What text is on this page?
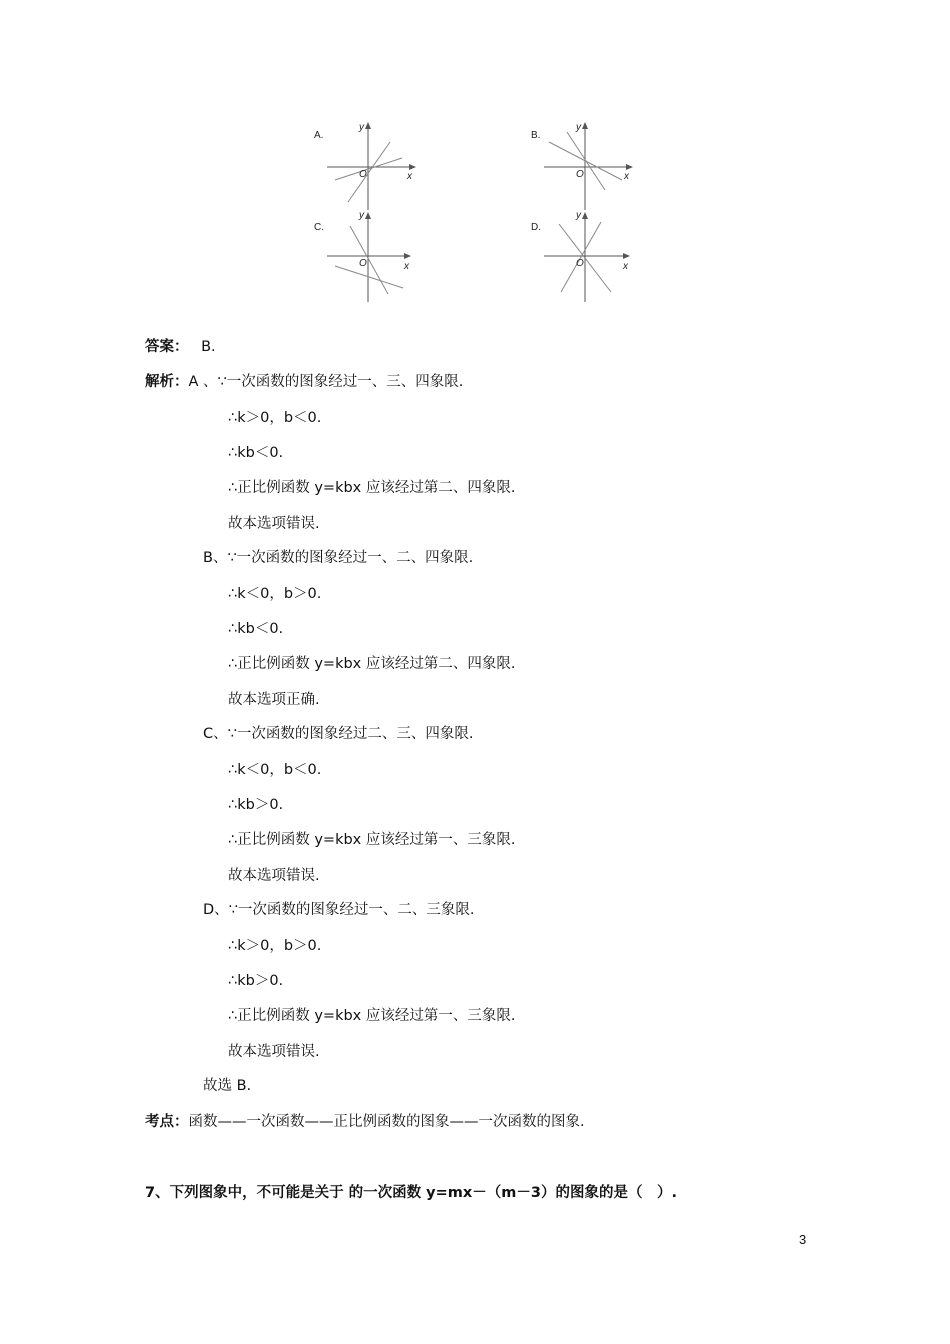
A.
y
x
O
B.
y
x
O
C.
y
x
O
D.
y
x
O
答案： B.
解析：A 、∵一次函数的图象经过一、三、四象限.
∴k＞0，b＜0.
∴kb＜0.
∴正比例函数 y=kbx 应该经过第二、四象限.
故本选项错误.
B、∵一次函数的图象经过一、二、四象限.
∴k＜0，b＞0.
∴kb＜0.
∴正比例函数 y=kbx 应该经过第二、四象限.
故本选项正确.
C、∵一次函数的图象经过二、三、四象限.
∴k＜0，b＜0.
∴kb＞0.
∴正比例函数 y=kbx 应该经过第一、三象限.
故本选项错误.
D、∵一次函数的图象经过一、二、三象限.
∴k＞0，b＞0.
∴kb＞0.
∴正比例函数 y=kbx 应该经过第一、三象限.
故本选项错误.
故选 B.
考点：函数——一次函数——正比例函数的图象——一次函数的图象.
7、下列图象中，不可能是关于 的一次函数 y=mx－（m－3）的图象的是（　）.
3
